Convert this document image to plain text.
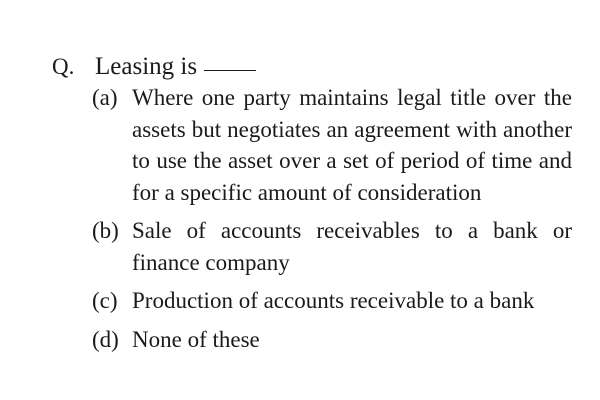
Q. Leasing is
(a) Where one party maintains legal title over the assets but negotiates an agreement with another to use the asset over a set of period of time and for a specific amount of consideration
(b) Sale of accounts receivables to a bank or finance company
(c) Production of accounts receivable to a bank
(d) None of these
